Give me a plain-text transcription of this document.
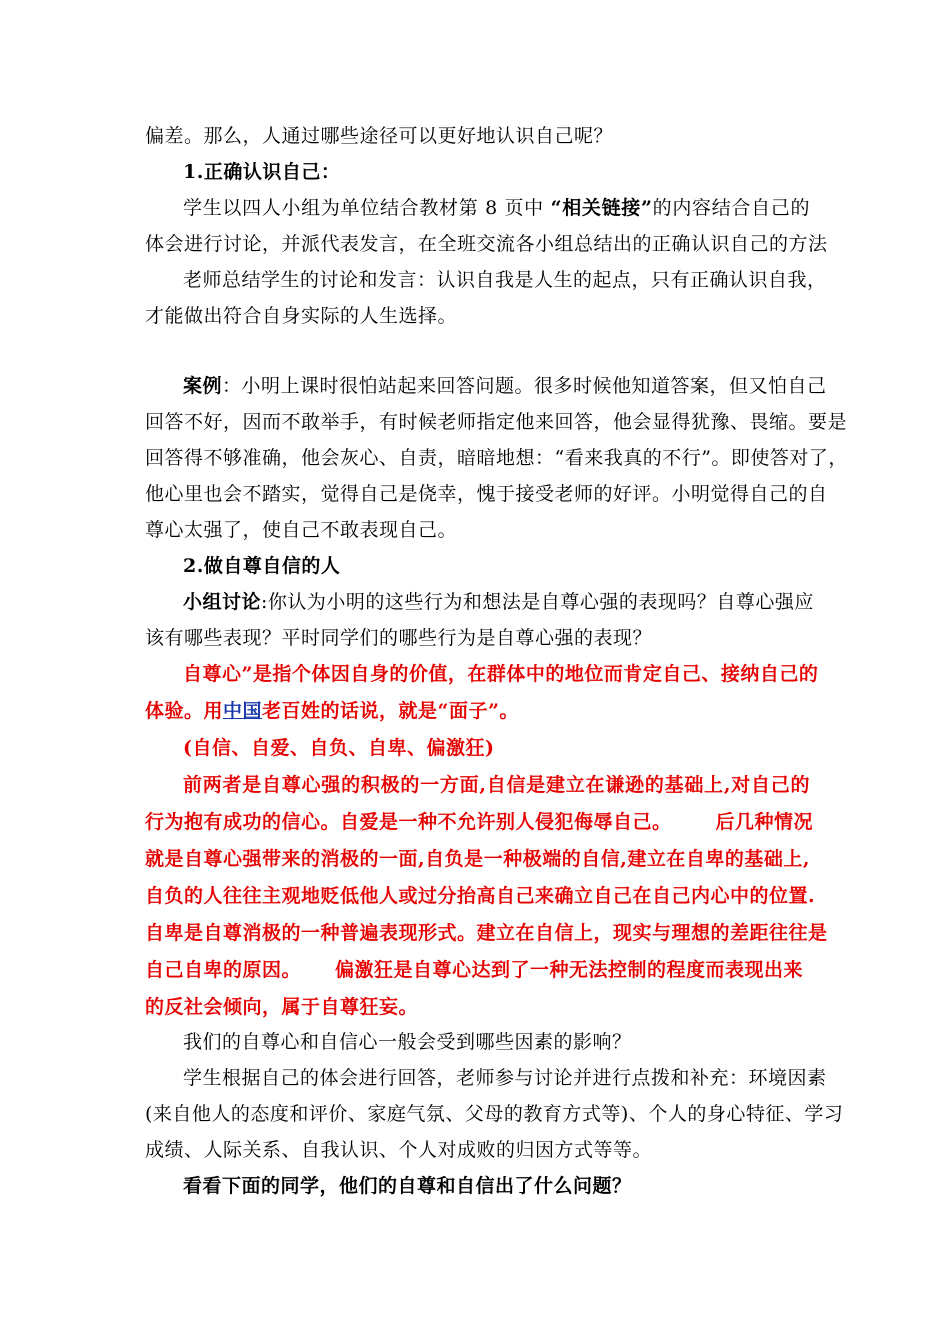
偏差。那么，人通过哪些途径可以更好地认识自己呢？
1.正确认识自己：
学生以四人小组为单位结合教材第 8 页中 “相关链接”的内容结合自己的
体会进行讨论，并派代表发言，在全班交流各小组总结出的正确认识自己的方法
老师总结学生的讨论和发言：认识自我是人生的起点，只有正确认识自我，
才能做出符合自身实际的人生选择。
案例：小明上课时很怕站起来回答问题。很多时候他知道答案，但又怕自己
回答不好，因而不敢举手，有时候老师指定他来回答，他会显得犹豫、畏缩。要是
回答得不够准确，他会灰心、自责，暗暗地想：“看来我真的不行”。即使答对了，
他心里也会不踏实，觉得自己是侥幸，愧于接受老师的好评。小明觉得自己的自
尊心太强了，使自己不敢表现自己。
2.做自尊自信的人
小组讨论:你认为小明的这些行为和想法是自尊心强的表现吗？自尊心强应
该有哪些表现？平时同学们的哪些行为是自尊心强的表现？
自尊心”是指个体因自身的价值，在群体中的地位而肯定自己、接纳自己的
体验。用中国老百姓的话说，就是“面子”。
(自信、自爱、自负、自卑、偏激狂)
前两者是自尊心强的积极的一方面,自信是建立在谦逊的基础上,对自己的
行为抱有成功的信心。自爱是一种不允许别人侵犯侮辱自己。 后几种情况
就是自尊心强带来的消极的一面,自负是一种极端的自信,建立在自卑的基础上,
自负的人往往主观地贬低他人或过分抬高自己来确立自己在自己内心中的位置.
自卑是自尊消极的一种普遍表现形式。建立在自信上，现实与理想的差距往往是
自己自卑的原因。 偏激狂是自尊心达到了一种无法控制的程度而表现出来
的反社会倾向，属于自尊狂妄。
我们的自尊心和自信心一般会受到哪些因素的影响？
学生根据自己的体会进行回答，老师参与讨论并进行点拨和补充：环境因素
(来自他人的态度和评价、家庭气氛、父母的教育方式等)、个人的身心特征、学习
成绩、人际关系、自我认识、个人对成败的归因方式等等。
看看下面的同学，他们的自尊和自信出了什么问题？
